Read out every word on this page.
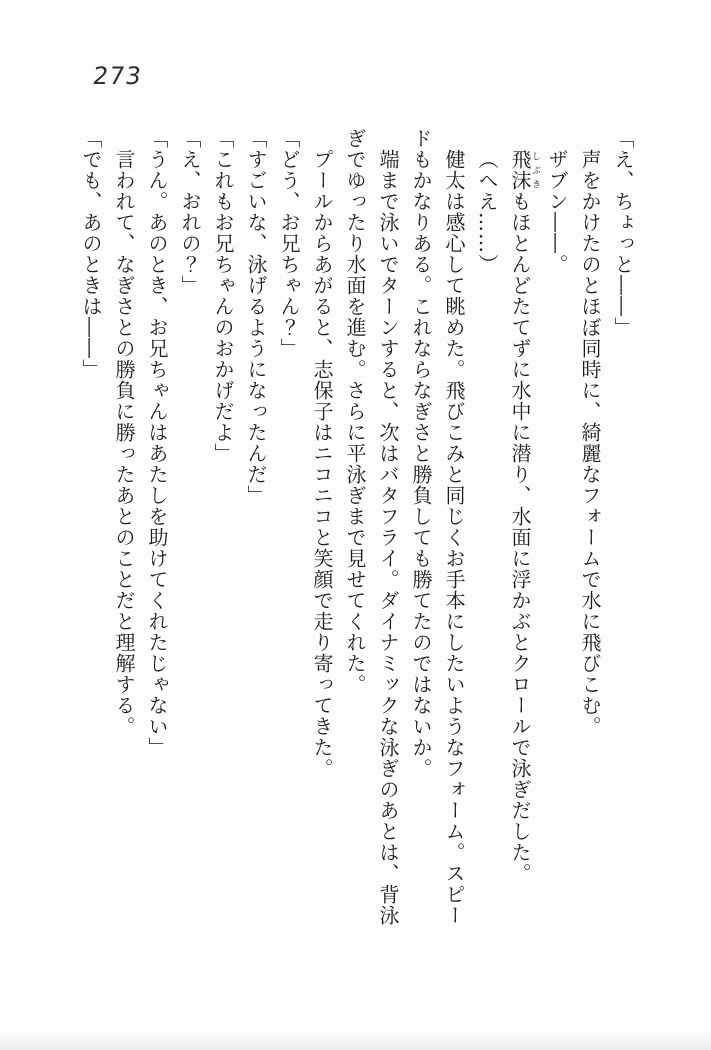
273
「え、ちょっと――」
声をかけたのとほぼ同時に、綺麗なフォームで水に飛びこむ。
ザブン――。
飛沫しぶきもほとんどたてずに水中に潜り、水面に浮かぶとクロールで泳ぎだした。
（へえ……）
健太は感心して眺めた。飛びこみと同じくお手本にしたいようなフォーム。スピー
ドもかなりある。これならなぎさと勝負しても勝てたのではないか。
端まで泳いでターンすると、次はバタフライ。ダイナミックな泳ぎのあとは、背泳
ぎでゆったり水面を進む。さらに平泳ぎまで見せてくれた。
プールからあがると、志保子はニコニコと笑顔で走り寄ってきた。
「どう、お兄ちゃん？」
「すごいな、泳げるようになったんだ」
「これもお兄ちゃんのおかげだよ」
「え、おれの？」
「うん。あのとき、お兄ちゃんはあたしを助けてくれたじゃない」
言われて、なぎさとの勝負に勝ったあとのことだと理解する。
「でも、あのときは――」
